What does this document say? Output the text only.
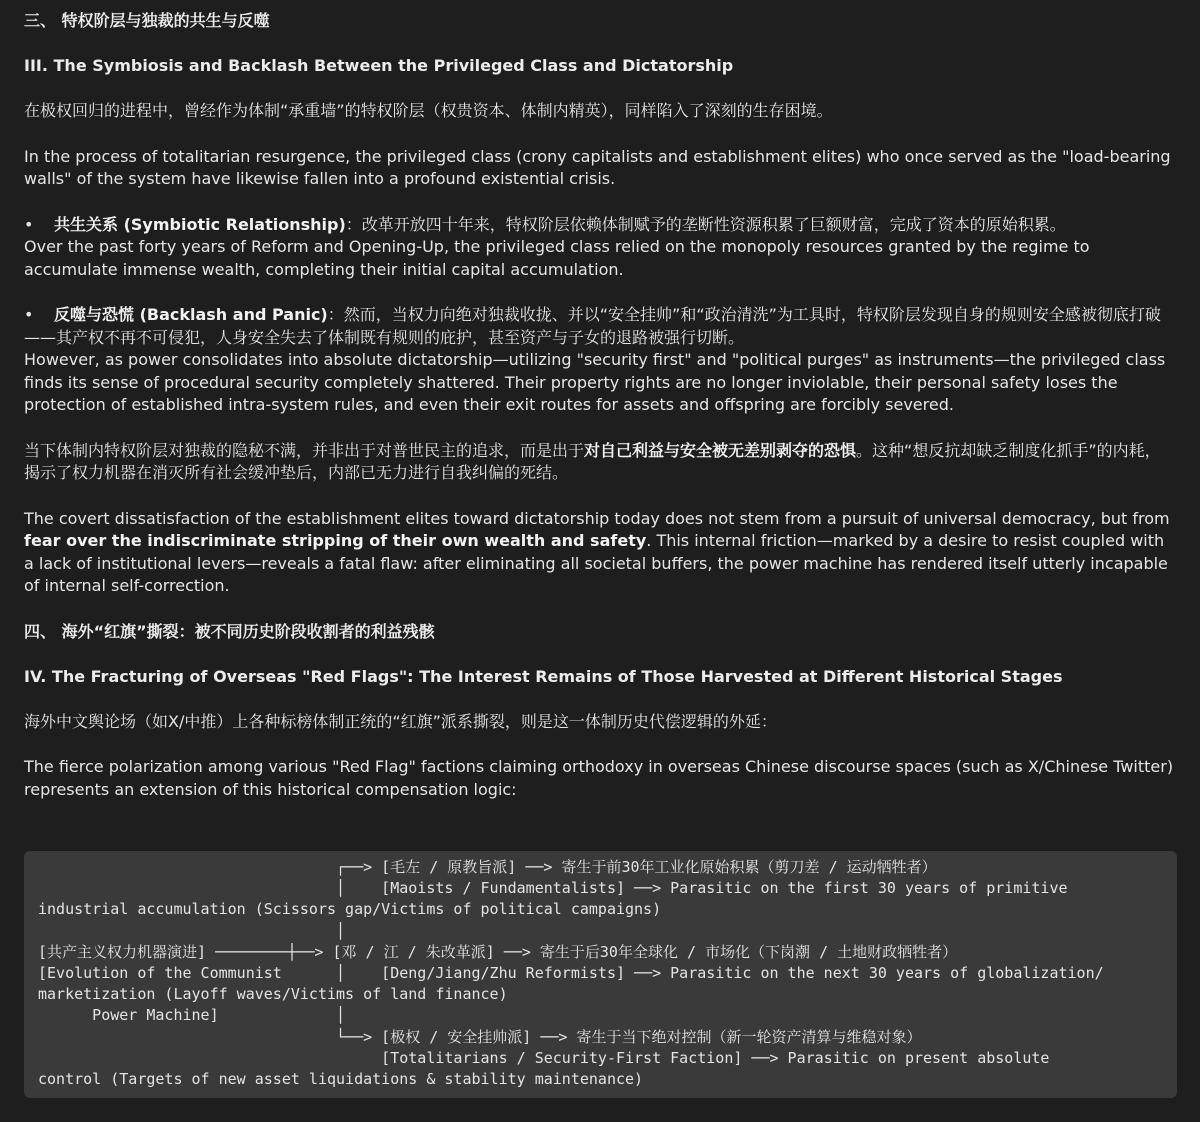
三、 特权阶层与独裁的共生与反噬

III. The Symbiosis and Backlash Between the Privileged Class and Dictatorship

在极权回归的进程中，曾经作为体制“承重墙”的特权阶层（权贵资本、体制内精英），同样陷入了深刻的生存困境。

In the process of totalitarian resurgence, the privileged class (crony capitalists and establishment elites) who once served as the "load-bearing walls" of the system have likewise fallen into a profound existential crisis.

• 共生关系 (Symbiotic Relationship)：改革开放四十年来，特权阶层依赖体制赋予的垄断性资源积累了巨额财富，完成了资本的原始积累。

Over the past forty years of Reform and Opening-Up, the privileged class relied on the monopoly resources granted by the regime to accumulate immense wealth, completing their initial capital accumulation.

• 反噬与恐慌 (Backlash and Panic)：然而，当权力向绝对独裁收拢、并以“安全挂帅”和“政治清洗”为工具时，特权阶层发现自身的规则安全感被彻底打破——其产权不再不可侵犯，人身安全失去了体制既有规则的庇护，甚至资产与子女的退路被强行切断。

However, as power consolidates into absolute dictatorship—utilizing "security first" and "political purges" as instruments—the privileged class finds its sense of procedural security completely shattered. Their property rights are no longer inviolable, their personal safety loses the protection of established intra-system rules, and even their exit routes for assets and offspring are forcibly severed.

当下体制内特权阶层对独裁的隐秘不满，并非出于对普世民主的追求，而是出于对自己利益与安全被无差别剥夺的恐惧。这种“想反抗却缺乏制度化抓手”的内耗，揭示了权力机器在消灭所有社会缓冲垫后，内部已无力进行自我纠偏的死结。

The covert dissatisfaction of the establishment elites toward dictatorship today does not stem from a pursuit of universal democracy, but from fear over the indiscriminate stripping of their own wealth and safety. This internal friction—marked by a desire to resist coupled with a lack of institutional levers—reveals a fatal flaw: after eliminating all societal buffers, the power machine has rendered itself utterly incapable of internal self-correction.

四、 海外“红旗”撕裂：被不同历史阶段收割者的利益残骸

IV. The Fracturing of Overseas "Red Flags": The Interest Remains of Those Harvested at Different Historical Stages

海外中文舆论场（如X/中推）上各种标榜体制正统的“红旗”派系撕裂，则是这一体制历史代偿逻辑的外延：

The fierce polarization among various "Red Flag" factions claiming orthodoxy in overseas Chinese discourse spaces (such as X/Chinese Twitter) represents an extension of this historical compensation logic:

┌──> [毛左 / 原教旨派] ──> 寄生于前30年工业化原始积累（剪刀差 / 运动牺牲者）
│    [Maoists / Fundamentalists] ──> Parasitic on the first 30 years of primitive
industrial accumulation (Scissors gap/Victims of political campaigns)
│
[共产主义权力机器演进] ────────┼──> [邓 / 江 / 朱改革派] ──> 寄生于后30年全球化 / 市场化（下岗潮 / 土地财政牺牲者）
[Evolution of the Communist      │    [Deng/Jiang/Zhu Reformists] ──> Parasitic on the next 30 years of globalization/
marketization (Layoff waves/Victims of land finance)
Power Machine]             │
└──> [极权 / 安全挂帅派] ──> 寄生于当下绝对控制（新一轮资产清算与维稳对象）
[Totalitarians / Security-First Faction] ──> Parasitic on present absolute
control (Targets of new asset liquidations & stability maintenance)
